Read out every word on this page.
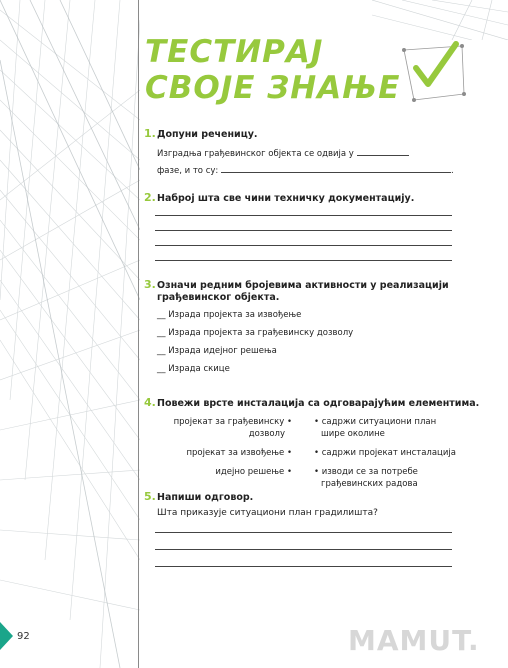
ТЕСТИРАЈ
СВОЈЕ ЗНАЊЕ
1. Допуни реченицу.
Изградња грађевинског објекта се одвија у
фазе, и то су:	.
2. Наброј шта све чини техничку документацију.
3. Означи редним бројевима активности у реализацији
грађевинског објекта.
__ Израда пројекта за извођење
__ Израда пројекта за грађевинску дозволу
__ Израда идејног решења
__ Израда скице
4. Повежи врсте инсталација са одговарајућим елементима.
пројекат за грађевинску •
дозволу
пројекат за извођење •
идејно решење •
• садржи ситуациони план
шире околине
• садржи пројекат инсталација
• изводи се за потребе
грађевинских радова
5. Напиши одговор.
Шта приказује ситуациони план градилишта?
92	MAMUT.
